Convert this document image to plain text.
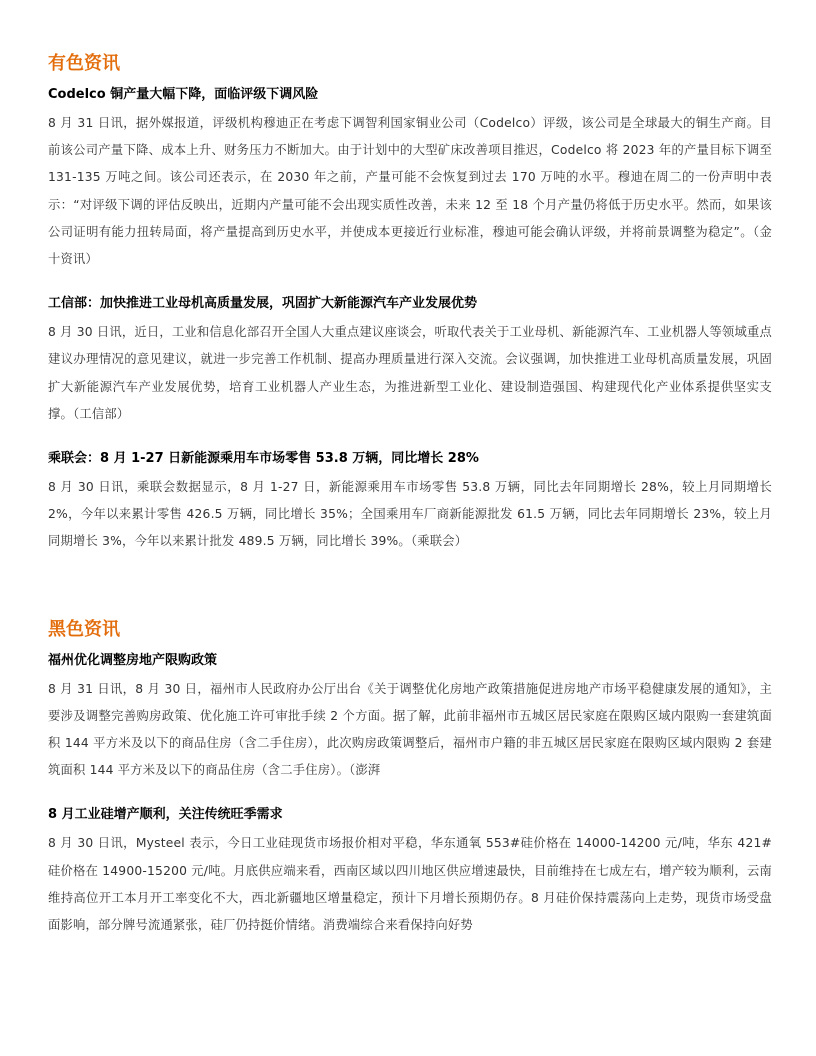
有色资讯
Codelco 铜产量大幅下降，面临评级下调风险

8 月 31 日讯，据外媒报道，评级机构穆迪正在考虑下调智利国家铜业公司（Codelco）评级，该公司是全球最大的铜生产商。目前该公司产量下降、成本上升、财务压力不断加大。由于计划中的大型矿床改善项目推迟，Codelco 将 2023 年的产量目标下调至 131-135 万吨之间。该公司还表示，在 2030 年之前，产量可能不会恢复到过去 170 万吨的水平。穆迪在周二的一份声明中表示：“对评级下调的评估反映出，近期内产量可能不会出现实质性改善，未来 12 至 18 个月产量仍将低于历史水平。然而，如果该公司证明有能力扭转局面，将产量提高到历史水平，并使成本更接近行业标准，穆迪可能会确认评级，并将前景调整为稳定”。（金十资讯）

工信部：加快推进工业母机高质量发展，巩固扩大新能源汽车产业发展优势

8 月 30 日讯，近日，工业和信息化部召开全国人大重点建议座谈会，听取代表关于工业母机、新能源汽车、工业机器人等领域重点建议办理情况的意见建议，就进一步完善工作机制、提高办理质量进行深入交流。会议强调，加快推进工业母机高质量发展，巩固扩大新能源汽车产业发展优势，培育工业机器人产业生态，为推进新型工业化、建设制造强国、构建现代化产业体系提供坚实支撑。（工信部）

乘联会：8 月 1-27 日新能源乘用车市场零售 53.8 万辆，同比增长 28%

8 月 30 日讯，乘联会数据显示，8 月 1-27 日，新能源乘用车市场零售 53.8 万辆，同比去年同期增长 28%，较上月同期增长 2%，今年以来累计零售 426.5 万辆，同比增长 35%；全国乘用车厂商新能源批发 61.5 万辆，同比去年同期增长 23%，较上月同期增长 3%，今年以来累计批发 489.5 万辆，同比增长 39%。（乘联会）

黑色资讯
福州优化调整房地产限购政策

8 月 31 日讯，8 月 30 日，福州市人民政府办公厅出台《关于调整优化房地产政策措施促进房地产市场平稳健康发展的通知》，主要涉及调整完善购房政策、优化施工许可审批手续 2 个方面。据了解，此前非福州市五城区居民家庭在限购区域内限购一套建筑面积 144 平方米及以下的商品住房（含二手住房），此次购房政策调整后，福州市户籍的非五城区居民家庭在限购区域内限购 2 套建筑面积 144 平方米及以下的商品住房（含二手住房）。（澎湃

8 月工业硅增产顺利，关注传统旺季需求

8 月 30 日讯，Mysteel 表示，今日工业硅现货市场报价相对平稳，华东通氧 553#硅价格在 14000-14200 元/吨，华东 421#硅价格在 14900-15200 元/吨。月底供应端来看，西南区域以四川地区供应增速最快，目前维持在七成左右，增产较为顺利，云南维持高位开工本月开工率变化不大，西北新疆地区增量稳定，预计下月增长预期仍存。8 月硅价保持震荡向上走势，现货市场受盘面影响，部分牌号流通紧张，硅厂仍持挺价情绪。消费端综合来看保持向好势
